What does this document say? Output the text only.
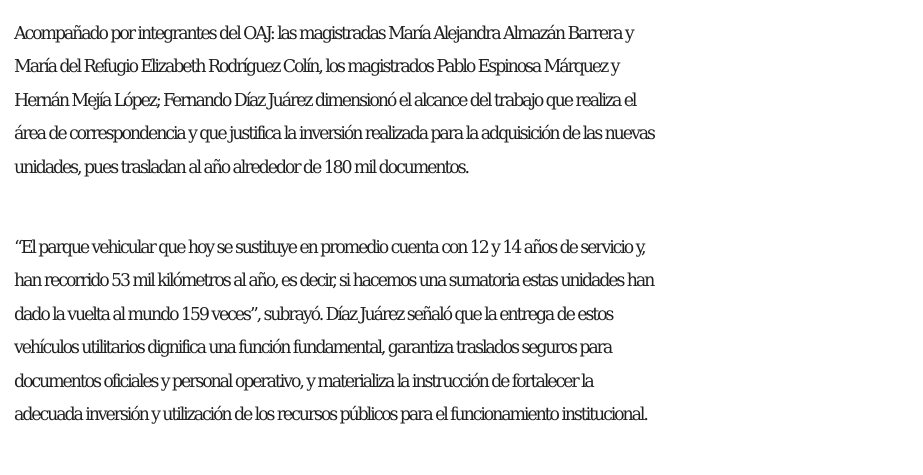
Acompañado por integrantes del OAJ: las magistradas María Alejandra Almazán Barrera y
María del Refugio Elizabeth Rodríguez Colín, los magistrados Pablo Espinosa Márquez y
Hernán Mejía López; Fernando Díaz Juárez dimensionó el alcance del trabajo que realiza el
área de correspondencia y que justifica la inversión realizada para la adquisición de las nuevas
unidades, pues trasladan al año alrededor de 180 mil documentos.

“El parque vehicular que hoy se sustituye en promedio cuenta con 12 y 14 años de servicio y,
han recorrido 53 mil kilómetros al año, es decir, si hacemos una sumatoria estas unidades han
dado la vuelta al mundo 159 veces”, subrayó. Díaz Juárez señaló que la entrega de estos
vehículos utilitarios dignifica una función fundamental, garantiza traslados seguros para
documentos oficiales y personal operativo, y materializa la instrucción de fortalecer la
adecuada inversión y utilización de los recursos públicos para el funcionamiento institucional.
